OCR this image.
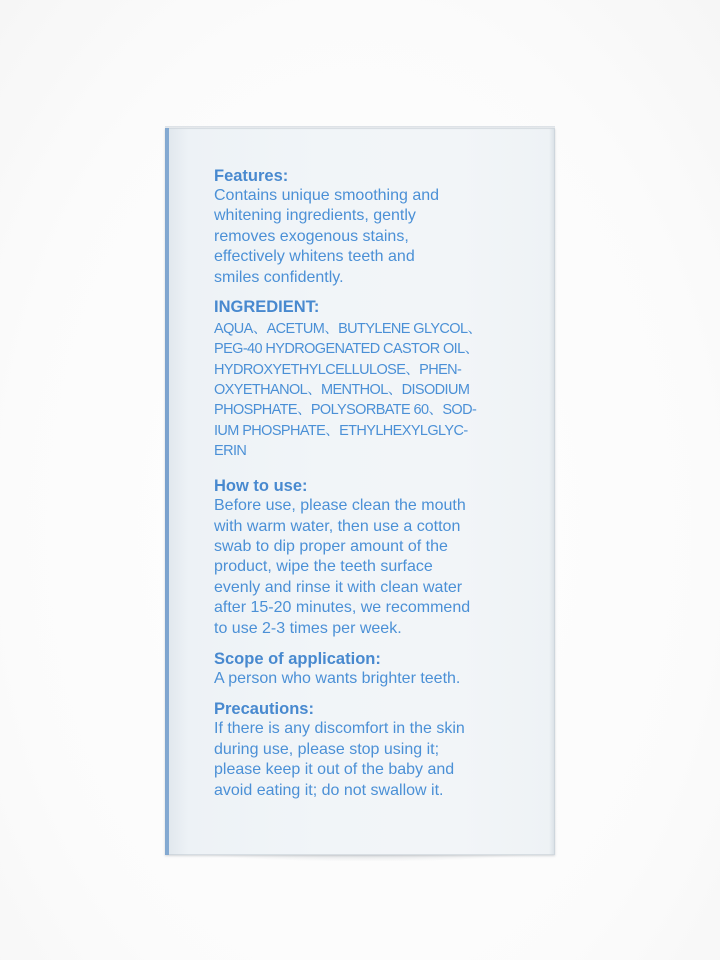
Features:

Contains unique smoothing and
whitening ingredients, gently
removes exogenous stains,
effectively whitens teeth and
smiles confidently.

INGREDIENT:

AQUA、ACETUM、BUTYLENE GLYCOL、
PEG-40 HYDROGENATED CASTOR OIL、
HYDROXYETHYLCELLULOSE、PHEN-
OXYETHANOL、MENTHOL、DISODIUM
PHOSPHATE、POLYSORBATE 60、SOD-
IUM PHOSPHATE、ETHYLHEXYLGLYC-
ERIN

How to use:

Before use, please clean the mouth
with warm water, then use a cotton
swab to dip proper amount of the
product, wipe the teeth surface
evenly and rinse it with clean water
after 15-20 minutes, we recommend
to use 2-3 times per week.

Scope of application:

A person who wants brighter teeth.

Precautions:

If there is any discomfort in the skin
during use, please stop using it;
please keep it out of the baby and
avoid eating it; do not swallow it.
